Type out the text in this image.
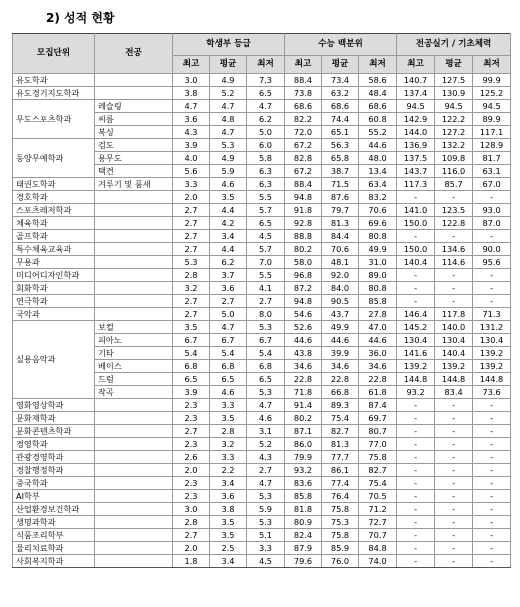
2) 성적 현황
모집단위	전공	학생부 등급			수능 백분위			전공실기 / 기초체력		
		최고	평균	최저	최고	평균	최저	최고	평균	최저
유도학과		3.0	4.9	7.3	88.4	73.4	58.6	140.7	127.5	99.9
유도경기지도학과		3.8	5.2	6.5	73.8	63.2	48.4	137.4	130.9	125.2
무도스포츠학과	레슬링	4.7	4.7	4.7	68.6	68.6	68.6	94.5	94.5	94.5
	씨름	3.6	4.8	6.2	82.2	74.4	60.8	142.9	122.2	89.9
	복싱	4.3	4.7	5.0	72.0	65.1	55.2	144.0	127.2	117.1
동양무예학과	검도	3.9	5.3	6.0	67.2	56.3	44.6	136.9	132.2	128.9
	용무도	4.0	4.9	5.8	82.8	65.8	48.0	137.5	109.8	81.7
	택견	5.6	5.9	6.3	67.2	38.7	13.4	143.7	116.0	63.1
태권도학과	겨루기 및 품새	3.3	4.6	6.3	88.4	71.5	63.4	117.3	85.7	67.0
경호학과		2.0	3.5	5.5	94.8	87.6	83.2	-	-	-
스포츠레저학과		2.7	4.4	5.7	91.8	79.7	70.6	141.0	123.5	93.0
체육학과		2.7	4.2	6.5	92.8	81.3	69.6	150.0	122.8	87.0
골프학과		2.7	3.4	4.5	88.8	84.4	80.8	-	-	-
특수체육교육과		2.7	4.4	5.7	80.2	70.6	49.9	150.0	134.6	90.0
무용과		5.3	6.2	7.0	58.0	48.1	31.0	140.4	114.6	95.6
미디어디자인학과		2.8	3.7	5.5	96.8	92.0	89.0	-	-	-
회화학과		3.2	3.6	4.1	87.2	84.0	80.8	-	-	-
연극학과		2.7	2.7	2.7	94.8	90.5	85.8	-	-	-
국악과		2.7	5.0	8.0	54.6	43.7	27.8	146.4	117.8	71.3
실용음악과	보컬	3.5	4.7	5.3	52.6	49.9	47.0	145.2	140.0	131.2
	피아노	6.7	6.7	6.7	44.6	44.6	44.6	130.4	130.4	130.4
	기타	5.4	5.4	5.4	43.8	39.9	36.0	141.6	140.4	139.2
	베이스	6.8	6.8	6.8	34.6	34.6	34.6	139.2	139.2	139.2
	드럼	6.5	6.5	6.5	22.8	22.8	22.8	144.8	144.8	144.8
	작곡	3.9	4.6	5.3	71.8	66.8	61.8	93.2	83.4	73.6
영화영상학과		2.3	3.3	4.7	91.4	89.3	87.4	-	-	-
문화재학과		2.3	3.5	4.6	80.2	75.4	69.7	-	-	-
문화콘텐츠학과		2.7	2.8	3.1	87.1	82.7	80.7	-	-	-
경영학과		2.3	3.2	5.2	86.0	81.3	77.0	-	-	-
관광경영학과		2.6	3.3	4.3	79.9	77.7	75.8	-	-	-
경찰행정학과		2.0	2.2	2.7	93.2	86.1	82.7	-	-	-
중국학과		2.3	3.4	4.7	83.6	77.4	75.4	-	-	-
AI학부		2.3	3.6	5.3	85.8	76.4	70.5	-	-	-
산업환경보건학과		3.0	3.8	5.9	81.8	75.8	71.2	-	-	-
생명과학과		2.8	3.5	5.3	80.9	75.3	72.7	-	-	-
식품조리학부		2.7	3.5	5.1	82.4	75.8	70.7	-	-	-
물리치료학과		2.0	2.5	3.3	87.9	85.9	84.8	-	-	-
사회복지학과		1.8	3.4	4.5	79.6	76.0	74.0	-	-	-
